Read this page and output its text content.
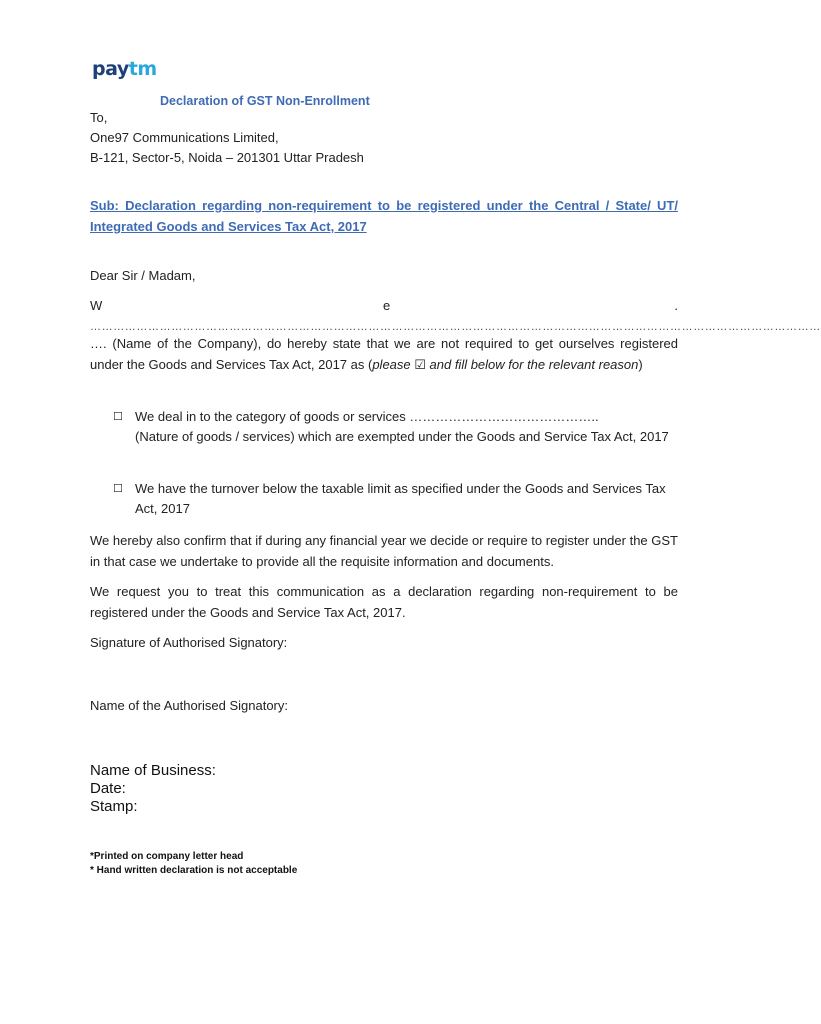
paytm
Declaration of GST Non-Enrollment
To,
One97 Communications Limited,
B-121, Sector-5, Noida – 201301 Uttar Pradesh
Sub: Declaration regarding non-requirement to be registered under the Central / State/ UT/ Integrated Goods and Services Tax Act, 2017
Dear Sir / Madam,
W	e	.
………………………………………………………………………………………………………………………………………………………………………
…. (Name of the Company), do hereby state that we are not required to get ourselves registered under the Goods and Services Tax Act, 2017 as (please ☑ and fill below for the relevant reason)
☐ We deal in to the category of goods or services ……………………………………..
(Nature of goods / services) which are exempted under the Goods and Service Tax Act, 2017
☐ We have the turnover below the taxable limit as specified under the Goods and Services Tax Act, 2017
We hereby also confirm that if during any financial year we decide or require to register under the GST in that case we undertake to provide all the requisite information and documents.
We request you to treat this communication as a declaration regarding non-requirement to be registered under the Goods and Service Tax Act, 2017.
Signature of Authorised Signatory:
Name of the Authorised Signatory:
Name of Business:
Date:
Stamp:
*Printed on company letter head
* Hand written declaration is not acceptable
